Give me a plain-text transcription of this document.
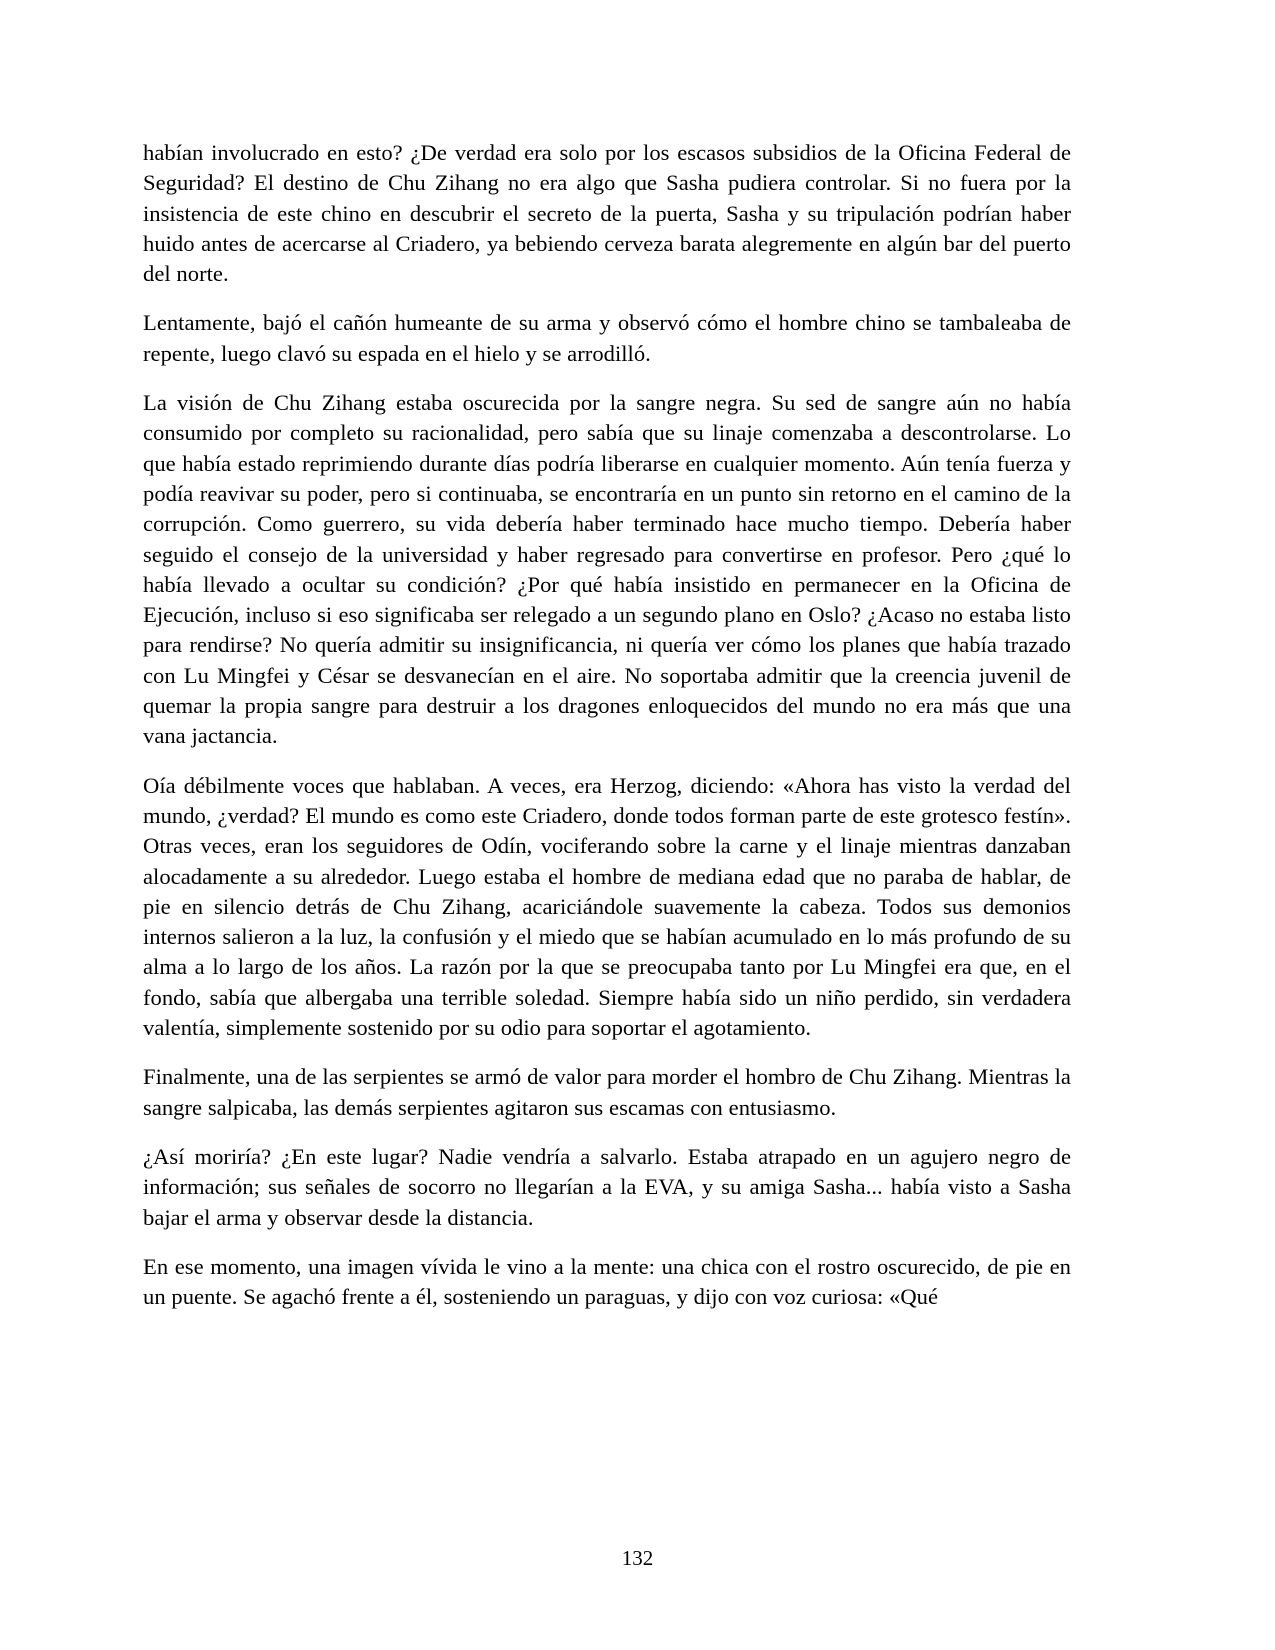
habían involucrado en esto? ¿De verdad era solo por los escasos subsidios de la Oficina Federal de Seguridad? El destino de Chu Zihang no era algo que Sasha pudiera controlar. Si no fuera por la insistencia de este chino en descubrir el secreto de la puerta, Sasha y su tripulación podrían haber huido antes de acercarse al Criadero, ya bebiendo cerveza barata alegremente en algún bar del puerto del norte.

Lentamente, bajó el cañón humeante de su arma y observó cómo el hombre chino se tambaleaba de repente, luego clavó su espada en el hielo y se arrodilló.

La visión de Chu Zihang estaba oscurecida por la sangre negra. Su sed de sangre aún no había consumido por completo su racionalidad, pero sabía que su linaje comenzaba a descontrolarse. Lo que había estado reprimiendo durante días podría liberarse en cualquier momento. Aún tenía fuerza y podía reavivar su poder, pero si continuaba, se encontraría en un punto sin retorno en el camino de la corrupción. Como guerrero, su vida debería haber terminado hace mucho tiempo. Debería haber seguido el consejo de la universidad y haber regresado para convertirse en profesor. Pero ¿qué lo había llevado a ocultar su condición? ¿Por qué había insistido en permanecer en la Oficina de Ejecución, incluso si eso significaba ser relegado a un segundo plano en Oslo? ¿Acaso no estaba listo para rendirse? No quería admitir su insignificancia, ni quería ver cómo los planes que había trazado con Lu Mingfei y César se desvanecían en el aire. No soportaba admitir que la creencia juvenil de quemar la propia sangre para destruir a los dragones enloquecidos del mundo no era más que una vana jactancia.

Oía débilmente voces que hablaban. A veces, era Herzog, diciendo: «Ahora has visto la verdad del mundo, ¿verdad? El mundo es como este Criadero, donde todos forman parte de este grotesco festín». Otras veces, eran los seguidores de Odín, vociferando sobre la carne y el linaje mientras danzaban alocadamente a su alrededor. Luego estaba el hombre de mediana edad que no paraba de hablar, de pie en silencio detrás de Chu Zihang, acariciándole suavemente la cabeza. Todos sus demonios internos salieron a la luz, la confusión y el miedo que se habían acumulado en lo más profundo de su alma a lo largo de los años. La razón por la que se preocupaba tanto por Lu Mingfei era que, en el fondo, sabía que albergaba una terrible soledad. Siempre había sido un niño perdido, sin verdadera valentía, simplemente sostenido por su odio para soportar el agotamiento.

Finalmente, una de las serpientes se armó de valor para morder el hombro de Chu Zihang. Mientras la sangre salpicaba, las demás serpientes agitaron sus escamas con entusiasmo.

¿Así moriría? ¿En este lugar? Nadie vendría a salvarlo. Estaba atrapado en un agujero negro de información; sus señales de socorro no llegarían a la EVA, y su amiga Sasha... había visto a Sasha bajar el arma y observar desde la distancia.

En ese momento, una imagen vívida le vino a la mente: una chica con el rostro oscurecido, de pie en un puente. Se agachó frente a él, sosteniendo un paraguas, y dijo con voz curiosa: «Qué

132
